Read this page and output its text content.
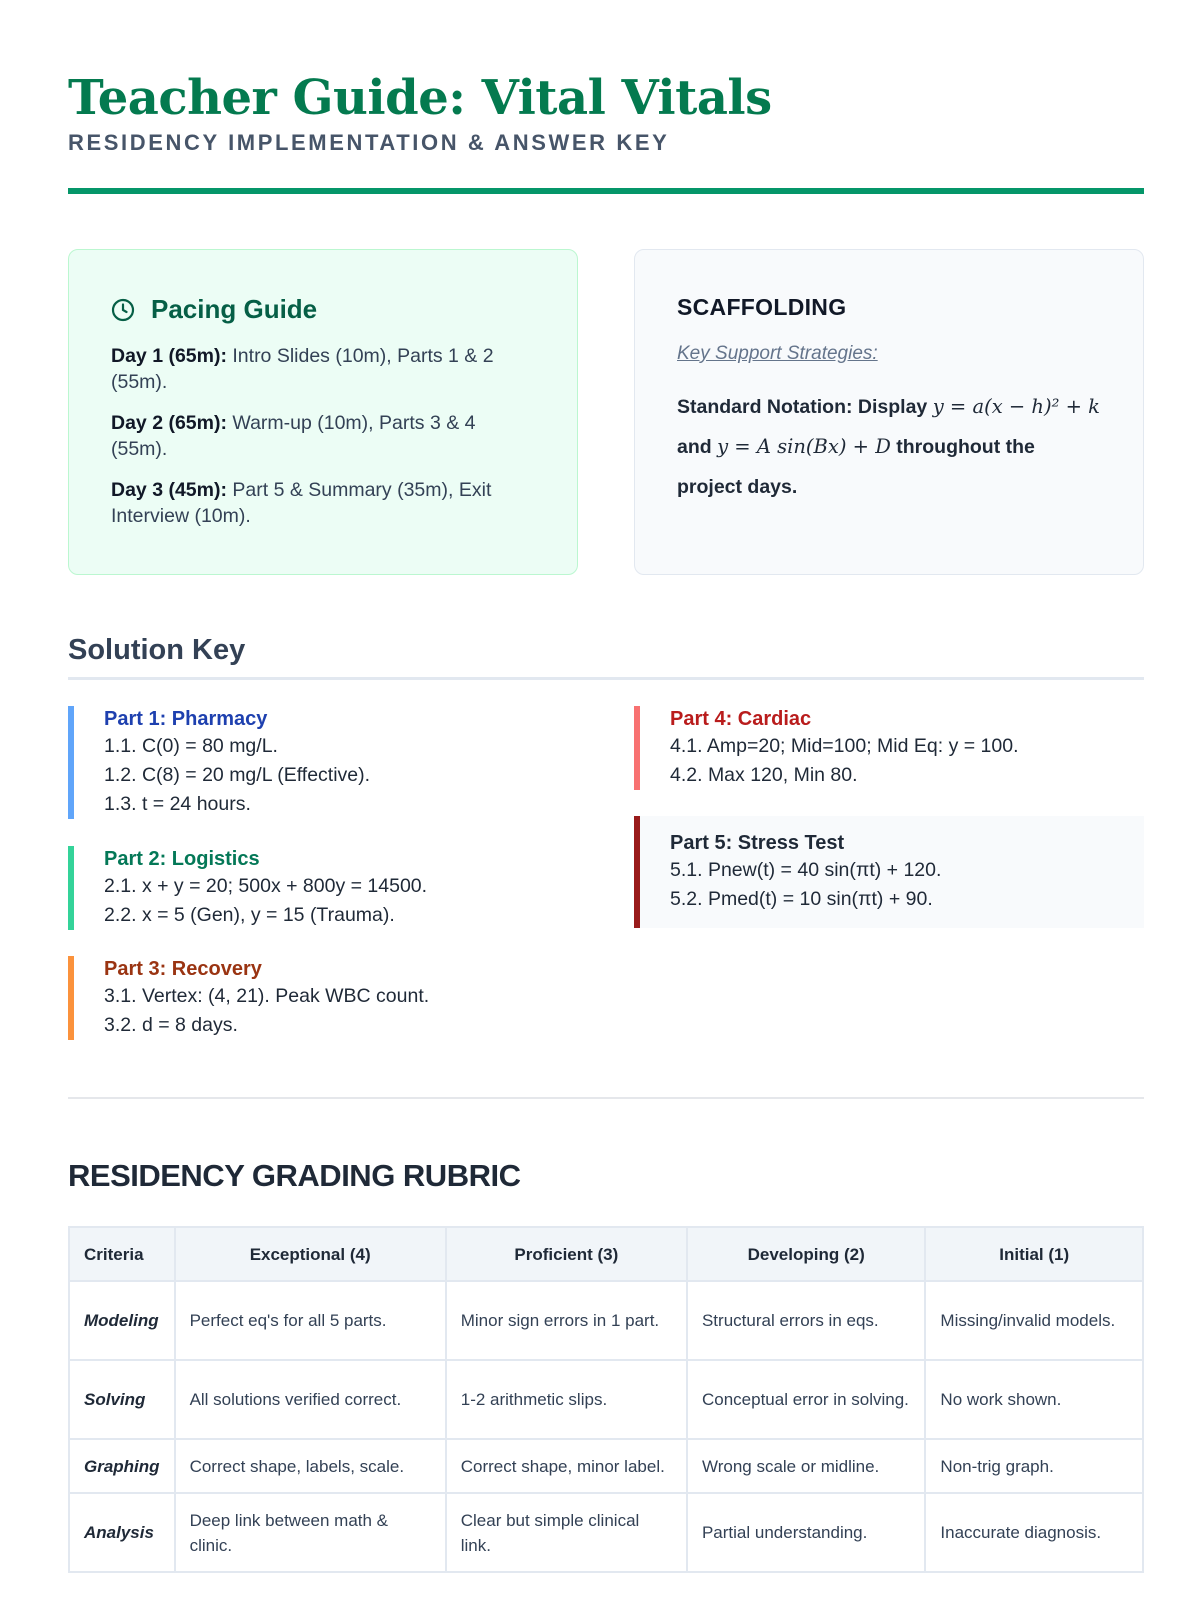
Teacher Guide: Vital Vitals
RESIDENCY IMPLEMENTATION & ANSWER KEY
Pacing Guide

Day 1 (65m): Intro Slides (10m), Parts 1 & 2 (55m).

Day 2 (65m): Warm-up (10m), Parts 3 & 4 (55m).

Day 3 (45m): Part 5 & Summary (35m), Exit Interview (10m).

SCAFFOLDING
Key Support Strategies:

Standard Notation: Display y = a(x − h)² + k and y = A sin(Bx) + D throughout the project days.

Solution Key
Part 1: Pharmacy
1.1. C(0) = 80 mg/L.
1.2. C(8) = 20 mg/L (Effective).
1.3. t = 24 hours.
Part 2: Logistics
2.1. x + y = 20; 500x + 800y = 14500.
2.2. x = 5 (Gen), y = 15 (Trauma).
Part 3: Recovery
3.1. Vertex: (4, 21). Peak WBC count.
3.2. d = 8 days.
Part 4: Cardiac
4.1. Amp=20; Mid=100; Mid Eq: y = 100.
4.2. Max 120, Min 80.
Part 5: Stress Test
5.1. Pnew(t) = 40 sin(πt) + 120.
5.2. Pmed(t) = 10 sin(πt) + 90.
RESIDENCY GRADING RUBRIC
Criteria	Exceptional (4)	Proficient (3)	Developing (2)	Initial (1)
Modeling	Perfect eq's for all 5 parts.	Minor sign errors in 1 part.	Structural errors in eqs.	Missing/invalid models.
Solving	All solutions verified correct.	1-2 arithmetic slips.	Conceptual error in solving.	No work shown.
Graphing	Correct shape, labels, scale.	Correct shape, minor label.	Wrong scale or midline.	Non-trig graph.
Analysis	Deep link between math & clinic.	Clear but simple clinical link.	Partial understanding.	Inaccurate diagnosis.
